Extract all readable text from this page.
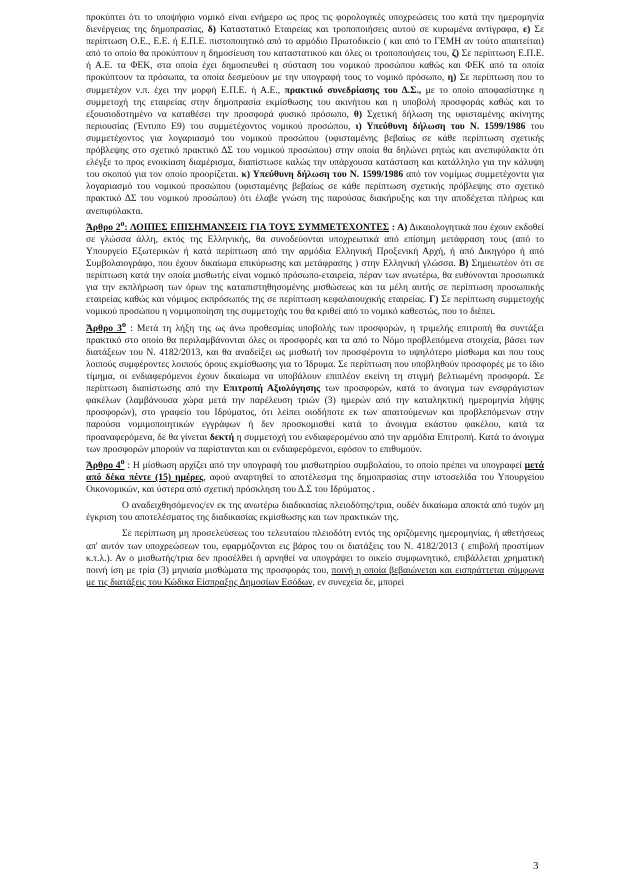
προκύπτει ότι το υποψήφιο νομικό είναι ενήμερο ως προς τις φορολογικές υποχρεώσεις του κατά την ημερομηνία διενέργειας της δημοπρασίας, δ) Καταστατικό Εταιρείας και τροποποιήσεις αυτού σε κυρωμένα αντίγραφα, ε) Σε περίπτωση Ο.Ε., Ε.Ε. ή Ε.Π.Ε. πιστοποιητικό από το αρμόδιο Πρωτοδικείο ( και από το ΓΕΜΗ αν τούτο απαιτείται) από το οποίο θα προκύπτουν η δημοσίευση του καταστατικού και όλες οι τροποποιήσεις του, ζ) Σε περίπτωση Ε.Π.Ε. ή Α.Ε. τα ΦΕΚ, στα οποία έχει δημοσιευθεί η σύσταση του νομικού προσώπου καθώς και ΦΕΚ από τα οποία προκύπτουν τα πρόσωπα, τα οποία δεσμεύουν με την υπογραφή τους το νομικό πρόσωπο, η) Σε περίπτωση που το συμμετέχον ν.π. έχει την μορφή Ε.Π.Ε. ή Α.Ε., πρακτικό συνεδρίασης του Δ.Σ., με το οποίο αποφασίστηκε η συμμετοχή της εταιρείας στην δημοπρασία εκμίσθωσης του ακινήτου και η υποβολή προσφοράς καθώς και το εξουσιοδοτημένο να καταθέσει την προσφορά φυσικό πρόσωπο, θ) Σχετική δήλωση της υφισταμένης ακίνητης περιουσίας (Έντυπο Ε9) του συμμετέχοντος νομικού προσώπου, ι) Υπεύθυνη δήλωση του Ν. 1599/1986 του συμμετέχοντος για λογαριασμό του νομικού προσώπου (υφισταμένης βεβαίως σε κάθε περίπτωση σχετικής πρόβλεψης στο σχετικό πρακτικό ΔΣ του νομικού προσώπου) στην οποία θα δηλώνει ρητώς και ανεπιφύλακτα ότι ελέγξε το προς ενοικίαση διαμέρισμα, διαπίστωσε καλώς την υπάρχουσα κατάσταση και κατάλληλο για την κάλυψη του σκοπού για τον οποίο προορίζεται. κ) Υπεύθυνη δήλωση του Ν. 1599/1986 από τον νομίμως συμμετέχοντα για λογαριασμό του νομικού προσώπου (υφισταμένης βεβαίως σε κάθε περίπτωση σχετικής πρόβλεψης στο σχετικό πρακτικό ΔΣ του νομικού προσώπου) ότι έλαβε γνώση της παρούσας διακήρυξης και την αποδέχεται πλήρως και ανεπιφύλακτα.

Άρθρο $2^o$: ΛΟΙΠΕΣ ΕΠΙΣΗΜΑΝΣΕΙΣ ΓΙΑ ΤΟΥΣ ΣΥΜΜΕΤΕΧΟΝΤΕΣ : Α) Δικαιολογητικά που έχουν εκδοθεί σε γλώσσα άλλη, εκτός της Ελληνικής, θα συνοδεύονται υποχρεωτικά από επίσημη μετάφραση τους (από το Υπουργείο Εξωτερικών ή κατά περίπτωση από την αρμόδια Ελληνική Προξενική Αρχή, ή από Δικηγόρο ή από Συμβολαιογράφο, που έχουν δικαίωμα επικύρωσης και μετάφρασης ) στην Ελληνική γλώσσα. Β) Σημειωτέον ότι σε περίπτωση κατά την οποία μισθωτής είναι νομικό πρόσωπο-εταιρεία, πέραν των ανωτέρω, θα ευθύνονται προσωπικά για την εκπλήρωση των όρων της καταπιστηθησομένης μισθώσεως και τα μέλη αυτής σε περίπτωση προσωπικής εταιρείας καθώς και νόμιμος εκπρόσωπός της σε περίπτωση κεφαλαιουχικής εταιρείας. Γ) Σε περίπτωση συμμετοχής νομικού προσώπου η νομιμοποίηση της συμμετοχής του θα κριθεί από το νομικό καθεστώς, που το διέπει.

Άρθρο $3^o$ : Μετά τη λήξη της ως άνω προθεσμίας υποβολής των προσφορών, η τριμελής επιτροπή θα συντάξει πρακτικό στο οποίο θα περιλαμβάνονται όλες οι προσφορές και τα από το Νόμο προβλεπόμενα στοιχεία, βάσει των διατάξεων του Ν. 4182/2013, και θα αναδείξει ως μισθωτή τον προσφέροντα το υψηλότερο μίσθωμα και που τους λοιπούς συμφέροντες λοιπούς όρους εκμίσθωσης για το Ίδρυμα. Σε περίπτωση που υποβληθούν προσφορές με το ίδιο τίμημα, οι ενδιαφερόμενοι έχουν δικαίωμα να υποβάλουν επιπλέον εκείνη τη στιγμή βελτιωμένη προσφορά. Σε περίπτωση διαπίστωσης από την Επιτροπή Αξιολόγησης των προσφορών, κατά το άνοιγμα των ενσφράγιστων φακέλων (λαμβάνουσα χώρα μετά την παρέλευση τριών (3) ημερών από την καταληκτική ημερομηνία λήψης προσφορών), στο γραφείο του Ιδρύματος, ότι λείπει οιοδήποτε εκ των απαιτούμενων και προβλεπόμενων στην παρούσα νομιμοποιητικών εγγράφων ή δεν προσκομισθεί κατά το άνοιγμα εκάστου φακέλου, κατά τα προαναφερόμενα, δε θα γίνεται δεκτή η συμμετοχή του ενδιαφερομένου από την αρμόδια Επιτροπή. Κατά το άνοιγμα των προσφορών μπορούν να παρίστανται και οι ενδιαφερόμενοι, εφόσον το επιθυμούν.

Άρθρο $4^o$ : Η μίσθωση αρχίζει από την υπογραφή του μισθωτηρίου συμβολαίου, το οποίο πρέπει να υπογραφεί μετά από δέκα πέντε (15) ημέρες, αφού αναρτηθεί το αποτέλεσμα της δημοπρασίας στην ιστοσελίδα του Υπουργείου Οικονομικών, και ύστερα από σχετική πρόσκληση του Δ.Σ του Ιδρύματος .

Ο αναδειχθησόμενος/εν εκ της ανωτέρω διαδικασίας πλειοδότης/τρια, ουδέν δικαίωμα αποκτά από τυχόν μη έγκριση του αποτελέσματος της διαδικασίας εκμίσθωσης και των πρακτικών της.

Σε περίπτωση μη προσελεύσεως του τελευταίου πλειοδότη εντός της οριζόμενης ημερομηνίας, ή αθετήσεως απ' αυτόν των υποχρεώσεων του, εφαρμόζονται εις βάρος του οι διατάξεις του Ν. 4182/2013 ( επιβολή προστίμων κ.τ.λ.). Αν ο μισθωτής/τρια δεν προσέλθει ή αρνηθεί να υπογράψει το οικείο συμφωνητικό, επιβάλλεται χρηματική ποινή ίση με τρία (3) μηνιαία μισθώματα της προσφοράς του, ποινή η οποία βεβαιώνεται και εισπράττεται σύμφωνα με τις διατάξεις του Κώδικα Είσπραξης Δημοσίων Εσόδων, εν συνεχεία δε, μπορεί

3
